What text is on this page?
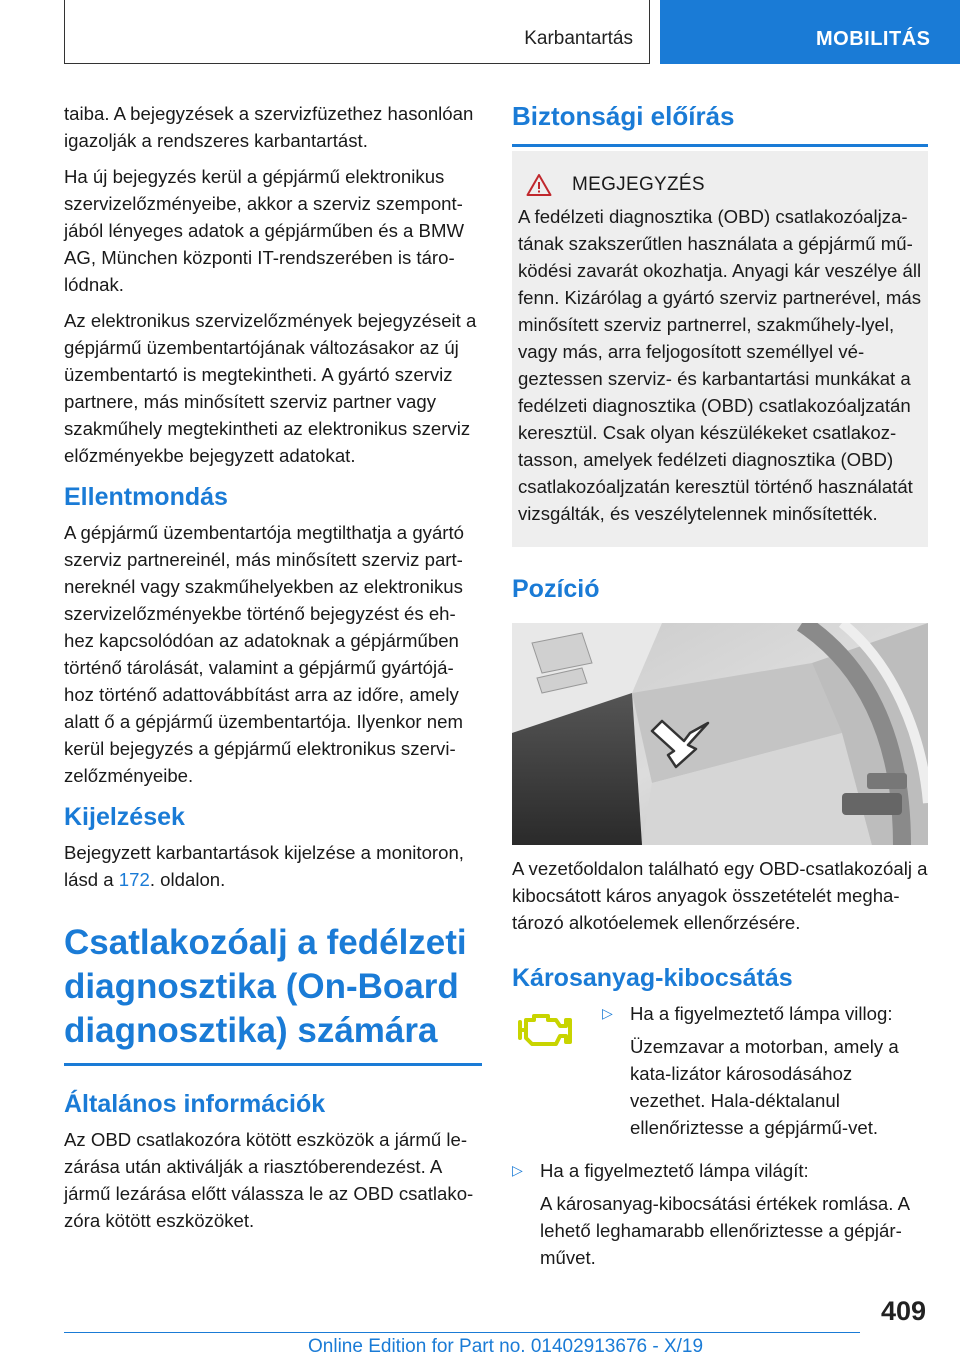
Karbantartás	MOBILITÁS

taiba. A bejegyzések a szervizfüzethez hasonlóan igazolják a rendszeres karbantartást.

Ha új bejegyzés kerül a gépjármű elektronikus szervizelőzményeibe, akkor a szerviz szempont-jából lényeges adatok a gépjárműben és a BMW AG, München központi IT-rendszerében is táro-lódnak.

Az elektronikus szervizelőzmények bejegyzéseit a gépjármű üzembentartójának változásakor az új üzembentartó is megtekintheti. A gyártó szerviz partnere, más minősített szerviz partner vagy szakműhely megtekintheti az elektronikus szerviz előzményekbe bejegyzett adatokat.

Ellentmondás

A gépjármű üzembentartója megtilthatja a gyártó szerviz partnereinél, más minősített szerviz part-nereknél vagy szakműhelyekben az elektronikus szervizelőzményekbe történő bejegyzést és eh-hez kapcsolódóan az adatoknak a gépjárműben történő tárolását, valamint a gépjármű gyártójá-hoz történő adattovábbítást arra az időre, amely alatt ő a gépjármű üzembentartója. Ilyenkor nem kerül bejegyzés a gépjármű elektronikus szervi-zelőzményeibe.

Kijelzések

Bejegyzett karbantartások kijelzése a monitoron, lásd a 172. oldalon.

Csatlakozóalj a fedélzeti diagnosztika (On-Board diagnosztika) számára
Általános információk

Az OBD csatlakozóra kötött eszközök a jármű le-zárása után aktiválják a riasztóberendezést. A jármű lezárása előtt válassza le az OBD csatlako-zóra kötött eszközöket.

Biztonsági előírás
MEGJEGYZÉS

A fedélzeti diagnosztika (OBD) csatlakozóaljza-tának szakszerűtlen használata a gépjármű mű-ködési zavarát okozhatja. Anyagi kár veszélye áll fenn. Kizárólag a gyártó szerviz partnerével, más minősített szerviz partnerrel, szakműhely-lyel, vagy más, arra feljogosított személlyel vé-geztessen szerviz- és karbantartási munkákat a fedélzeti diagnosztika (OBD) csatlakozóaljzatán keresztül. Csak olyan készülékeket csatlakoz-tasson, amelyek fedélzeti diagnosztika (OBD) csatlakozóaljzatán keresztül történő használatát vizsgálták, és veszélytelennek minősítették.

Pozíció

A vezetőoldalon található egy OBD-csatlakozóalj a kibocsátott káros anyagok összetételét megha-tározó alkotóelemek ellenőrzésére.

Károsanyag-kibocsátás
▷ Ha a figyelmeztető lámpa villog:

Üzemzavar a motorban, amely a kata-lizátor károsodásához vezethet. Hala-déktalanul ellenőriztesse a gépjármű-vet.

▷ Ha a figyelmeztető lámpa világít:

A károsanyag-kibocsátási értékek romlása. A lehető leghamarabb ellenőriztesse a gépjár-művet.

409
Online Edition for Part no. 01402913676 - X/19
